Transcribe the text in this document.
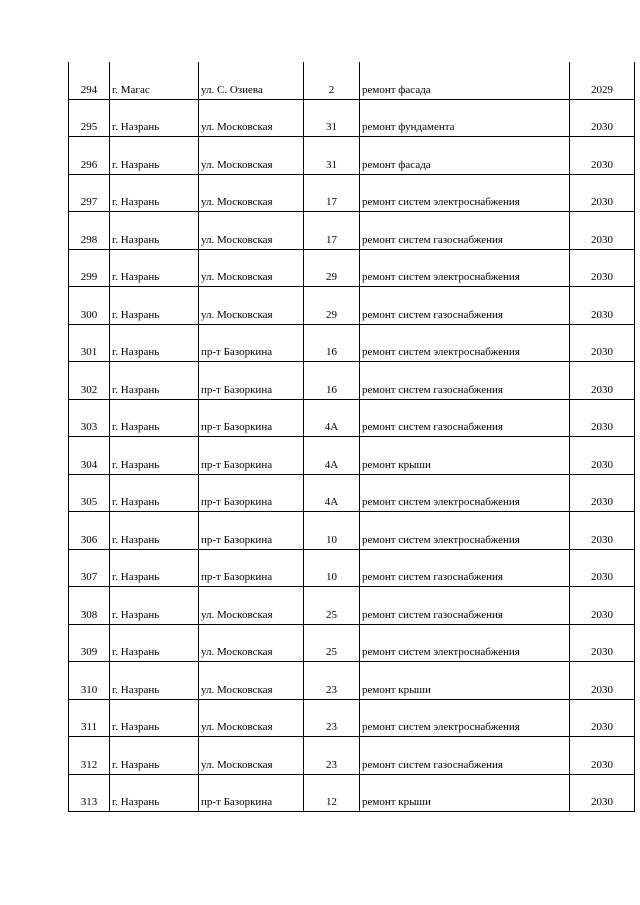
294	г. Магас	ул. С. Озиева	2	ремонт фасада	2029
295	г. Назрань	ул. Московская	31	ремонт фундамента	2030
296	г. Назрань	ул. Московская	31	ремонт фасада	2030
297	г. Назрань	ул. Московская	17	ремонт систем электроснабжения	2030
298	г. Назрань	ул. Московская	17	ремонт систем газоснабжения	2030
299	г. Назрань	ул. Московская	29	ремонт систем электроснабжения	2030
300	г. Назрань	ул. Московская	29	ремонт систем газоснабжения	2030
301	г. Назрань	пр-т Базоркина	16	ремонт систем электроснабжения	2030
302	г. Назрань	пр-т Базоркина	16	ремонт систем газоснабжения	2030
303	г. Назрань	пр-т Базоркина	4А	ремонт систем газоснабжения	2030
304	г. Назрань	пр-т Базоркина	4А	ремонт крыши	2030
305	г. Назрань	пр-т Базоркина	4А	ремонт систем электроснабжения	2030
306	г. Назрань	пр-т Базоркина	10	ремонт систем электроснабжения	2030
307	г. Назрань	пр-т Базоркина	10	ремонт систем газоснабжения	2030
308	г. Назрань	ул. Московская	25	ремонт систем газоснабжения	2030
309	г. Назрань	ул. Московская	25	ремонт систем электроснабжения	2030
310	г. Назрань	ул. Московская	23	ремонт крыши	2030
311	г. Назрань	ул. Московская	23	ремонт систем электроснабжения	2030
312	г. Назрань	ул. Московская	23	ремонт систем газоснабжения	2030
313	г. Назрань	пр-т Базоркина	12	ремонт крыши	2030
